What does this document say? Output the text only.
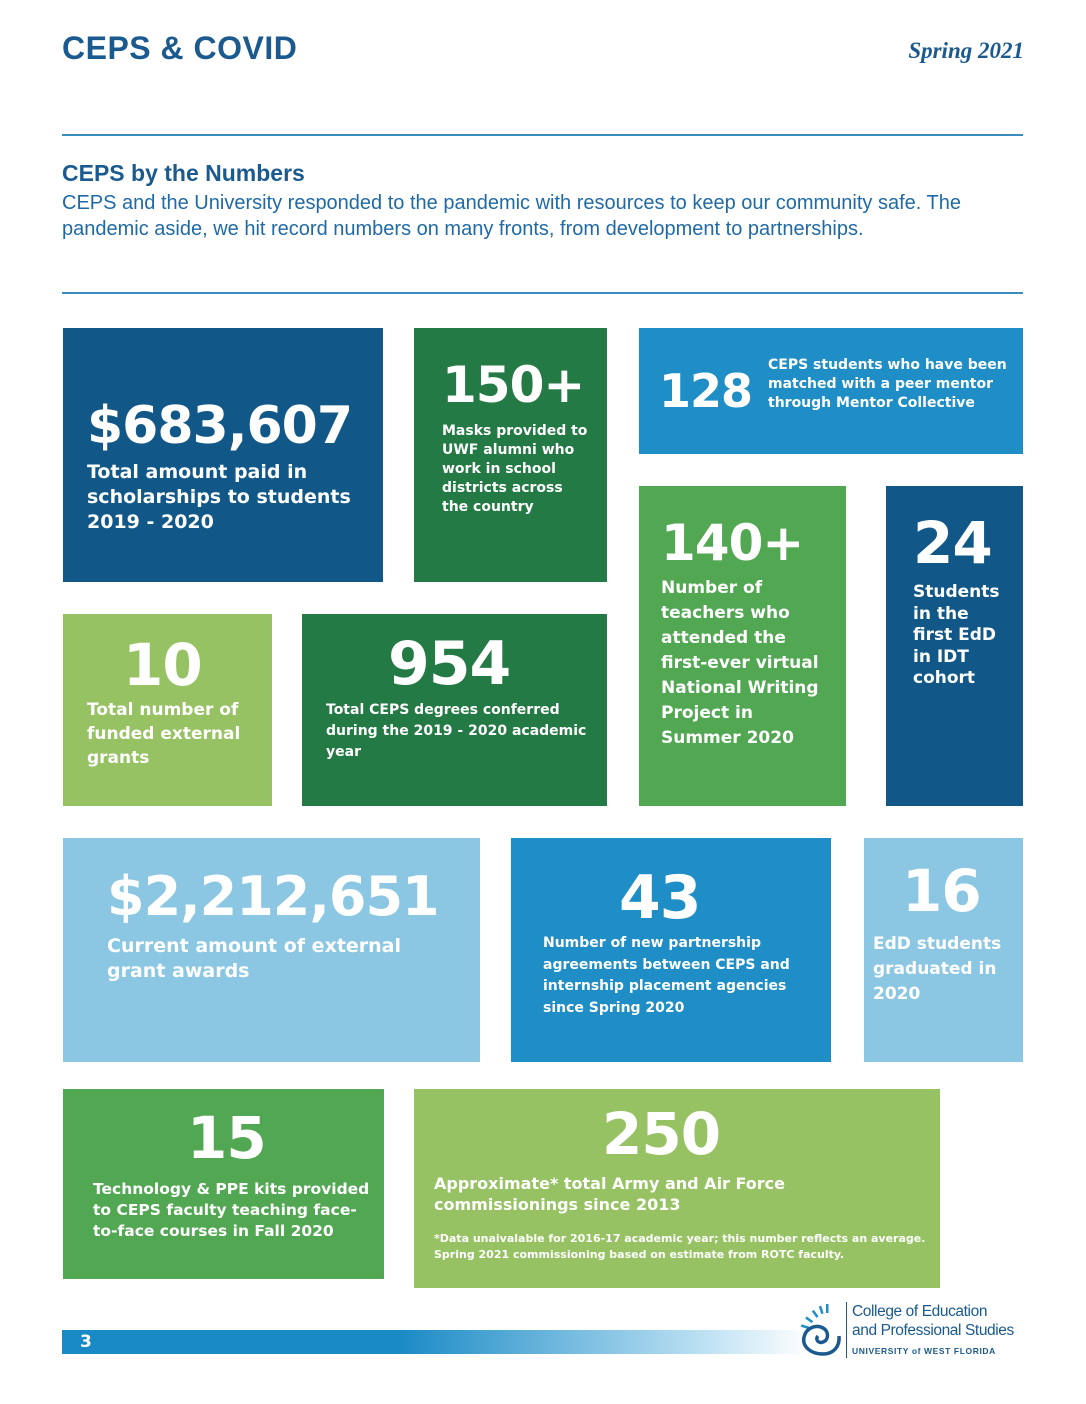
CEPS & COVID	Spring 2021
CEPS by the Numbers
CEPS and the University responded to the pandemic with resources to keep our community safe. The pandemic aside, we hit record numbers on many fronts, from development to partnerships.
$683,607
Total amount paid in scholarships to students 2019 - 2020
150+
Masks provided to UWF alumni who work in school districts across the country
128 CEPS students who have been matched with a peer mentor through Mentor Collective
140+
Number of teachers who attended the first-ever virtual National Writing Project in Summer 2020
24
Students in the first EdD in IDT cohort
10
Total number of funded external grants
954
Total CEPS degrees conferred during the 2019 - 2020 academic year
$2,212,651
Current amount of external grant awards
43
Number of new partnership agreements between CEPS and internship placement agencies since Spring 2020
16
EdD students graduated in 2020
15
Technology & PPE kits provided to CEPS faculty teaching face-to-face courses in Fall 2020
250
Approximate* total Army and Air Force commissionings since 2013
*Data unaivalable for 2016-17 academic year; this number reflects an average. Spring 2021 commissioning based on estimate from ROTC faculty.
3
College of Education
and Professional Studies
UNIVERSITY of WEST FLORIDA
